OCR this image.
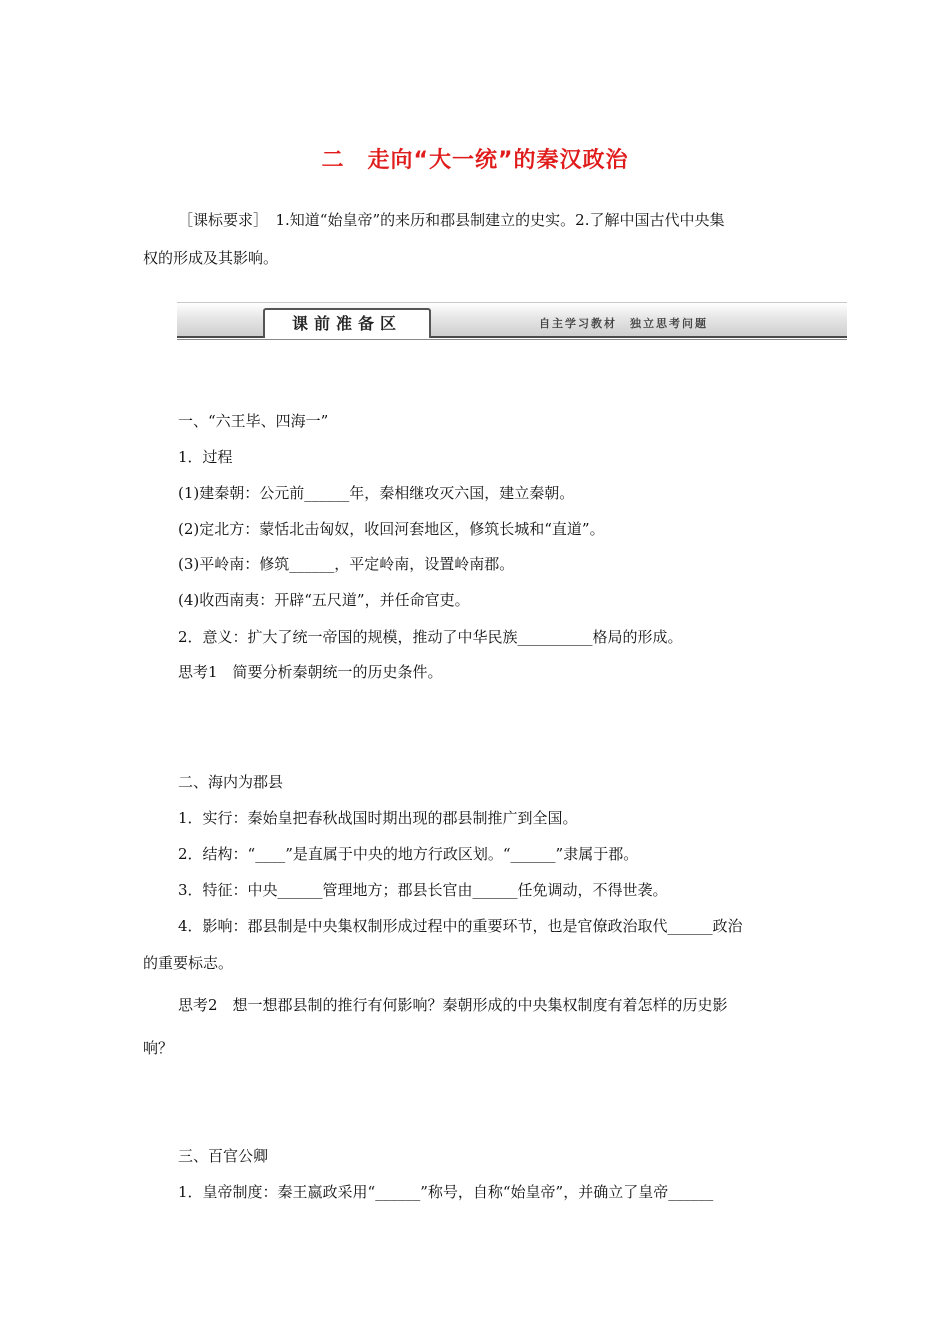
二　走向“大一统”的秦汉政治
［课标要求］　1.知道“始皇帝”的来历和郡县制建立的史实。2.了解中国古代中央集
权的形成及其影响。
课前准备区	自主学习教材　独立思考问题
一、“六王毕、四海一”
1．过程
(1)建秦朝：公元前______年，秦相继攻灭六国，建立秦朝。
(2)定北方：蒙恬北击匈奴，收回河套地区，修筑长城和“直道”。
(3)平岭南：修筑______，平定岭南，设置岭南郡。
(4)收西南夷：开辟“五尺道”，并任命官吏。
2．意义：扩大了统一帝国的规模，推动了中华民族__________格局的形成。
思考1　简要分析秦朝统一的历史条件。
二、海内为郡县
1．实行：秦始皇把春秋战国时期出现的郡县制推广到全国。
2．结构：“____”是直属于中央的地方行政区划。“______”隶属于郡。
3．特征：中央______管理地方；郡县长官由______任免调动，不得世袭。
4．影响：郡县制是中央集权制形成过程中的重要环节，也是官僚政治取代______政治
的重要标志。
思考2　想一想郡县制的推行有何影响？秦朝形成的中央集权制度有着怎样的历史影
响？
三、百官公卿
1．皇帝制度：秦王嬴政采用“______”称号，自称“始皇帝”，并确立了皇帝______
